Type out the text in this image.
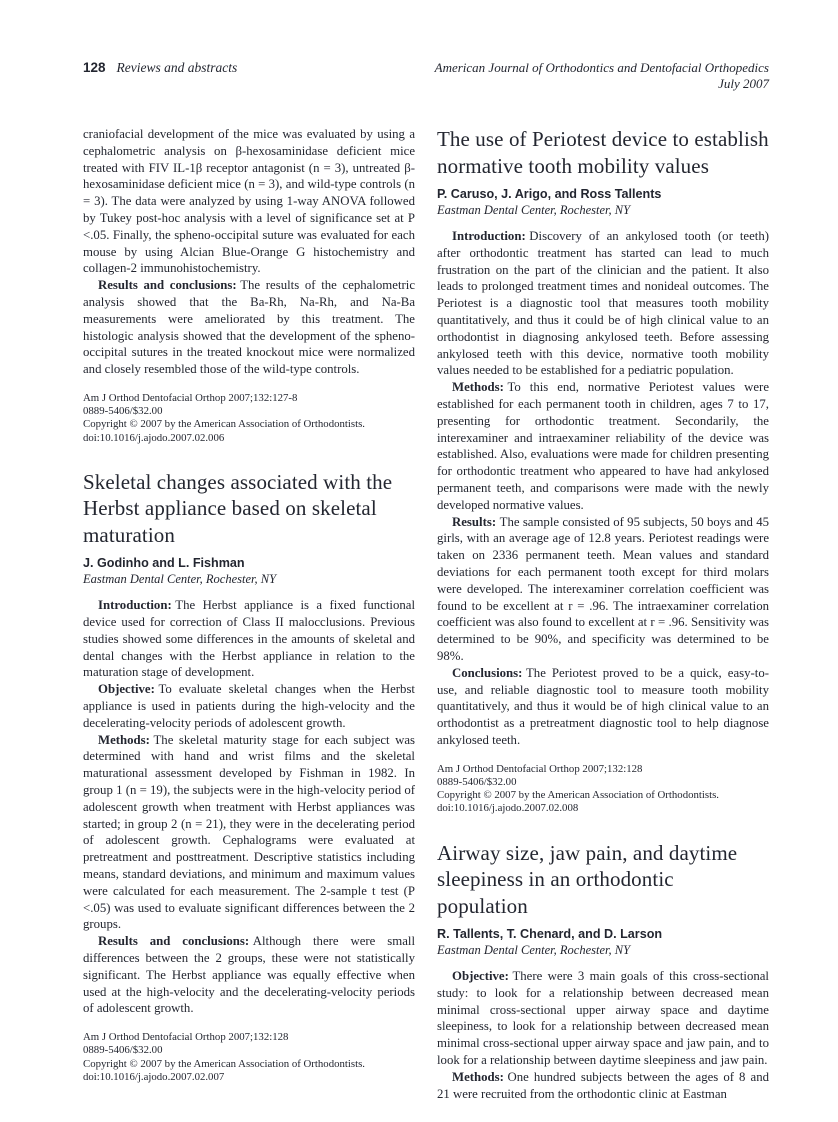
128 Reviews and abstracts	American Journal of Orthodontics and Dentofacial Orthopedics
July 2007

craniofacial development of the mice was evaluated by using a cephalometric analysis on β-hexosaminidase deficient mice treated with FIV IL-1β receptor antagonist (n = 3), untreated β-hexosaminidase deficient mice (n = 3), and wild-type controls (n = 3). The data were analyzed by using 1-way ANOVA followed by Tukey post-hoc analysis with a level of significance set at P <.05. Finally, the spheno-occipital suture was evaluated for each mouse by using Alcian Blue-Orange G histochemistry and collagen-2 immunohistochemistry.

Results and conclusions: The results of the cephalometric analysis showed that the Ba-Rh, Na-Rh, and Na-Ba measurements were ameliorated by this treatment. The histologic analysis showed that the development of the spheno-occipital sutures in the treated knockout mice were normalized and closely resembled those of the wild-type controls.

Am J Orthod Dentofacial Orthop 2007;132:127-8
0889-5406/$32.00
Copyright © 2007 by the American Association of Orthodontists.
doi:10.1016/j.ajodo.2007.02.006
Skeletal changes associated with the Herbst appliance based on skeletal maturation

J. Godinho and L. Fishman

Eastman Dental Center, Rochester, NY

Introduction: The Herbst appliance is a fixed functional device used for correction of Class II malocclusions. Previous studies showed some differences in the amounts of skeletal and dental changes with the Herbst appliance in relation to the maturation stage of development.

Objective: To evaluate skeletal changes when the Herbst appliance is used in patients during the high-velocity and the decelerating-velocity periods of adolescent growth.

Methods: The skeletal maturity stage for each subject was determined with hand and wrist films and the skeletal maturational assessment developed by Fishman in 1982. In group 1 (n = 19), the subjects were in the high-velocity period of adolescent growth when treatment with Herbst appliances was started; in group 2 (n = 21), they were in the decelerating period of adolescent growth. Cephalograms were evaluated at pretreatment and posttreatment. Descriptive statistics including means, standard deviations, and minimum and maximum values were calculated for each measurement. The 2-sample t test (P <.05) was used to evaluate significant differences between the 2 groups.

Results and conclusions: Although there were small differences between the 2 groups, these were not statistically significant. The Herbst appliance was equally effective when used at the high-velocity and the decelerating-velocity periods of adolescent growth.

Am J Orthod Dentofacial Orthop 2007;132:128
0889-5406/$32.00
Copyright © 2007 by the American Association of Orthodontists.
doi:10.1016/j.ajodo.2007.02.007
The use of Periotest device to establish normative tooth mobility values

P. Caruso, J. Arigo, and Ross Tallents

Eastman Dental Center, Rochester, NY

Introduction: Discovery of an ankylosed tooth (or teeth) after orthodontic treatment has started can lead to much frustration on the part of the clinician and the patient. It also leads to prolonged treatment times and nonideal outcomes. The Periotest is a diagnostic tool that measures tooth mobility quantitatively, and thus it could be of high clinical value to an orthodontist in diagnosing ankylosed teeth. Before assessing ankylosed teeth with this device, normative tooth mobility values needed to be established for a pediatric population.

Methods: To this end, normative Periotest values were established for each permanent tooth in children, ages 7 to 17, presenting for orthodontic treatment. Secondarily, the interexaminer and intraexaminer reliability of the device was established. Also, evaluations were made for children presenting for orthodontic treatment who appeared to have had ankylosed permanent teeth, and comparisons were made with the newly developed normative values.

Results: The sample consisted of 95 subjects, 50 boys and 45 girls, with an average age of 12.8 years. Periotest readings were taken on 2336 permanent teeth. Mean values and standard deviations for each permanent tooth except for third molars were developed. The interexaminer correlation coefficient was found to be excellent at r = .96. The intraexaminer correlation coefficient was also found to excellent at r = .96. Sensitivity was determined to be 90%, and specificity was determined to be 98%.

Conclusions: The Periotest proved to be a quick, easy-to-use, and reliable diagnostic tool to measure tooth mobility quantitatively, and thus it would be of high clinical value to an orthodontist as a pretreatment diagnostic tool to help diagnose ankylosed teeth.

Am J Orthod Dentofacial Orthop 2007;132:128
0889-5406/$32.00
Copyright © 2007 by the American Association of Orthodontists.
doi:10.1016/j.ajodo.2007.02.008
Airway size, jaw pain, and daytime sleepiness in an orthodontic population

R. Tallents, T. Chenard, and D. Larson

Eastman Dental Center, Rochester, NY

Objective: There were 3 main goals of this cross-sectional study: to look for a relationship between decreased mean minimal cross-sectional upper airway space and daytime sleepiness, to look for a relationship between decreased mean minimal cross-sectional upper airway space and jaw pain, and to look for a relationship between daytime sleepiness and jaw pain.

Methods: One hundred subjects between the ages of 8 and 21 were recruited from the orthodontic clinic at Eastman
